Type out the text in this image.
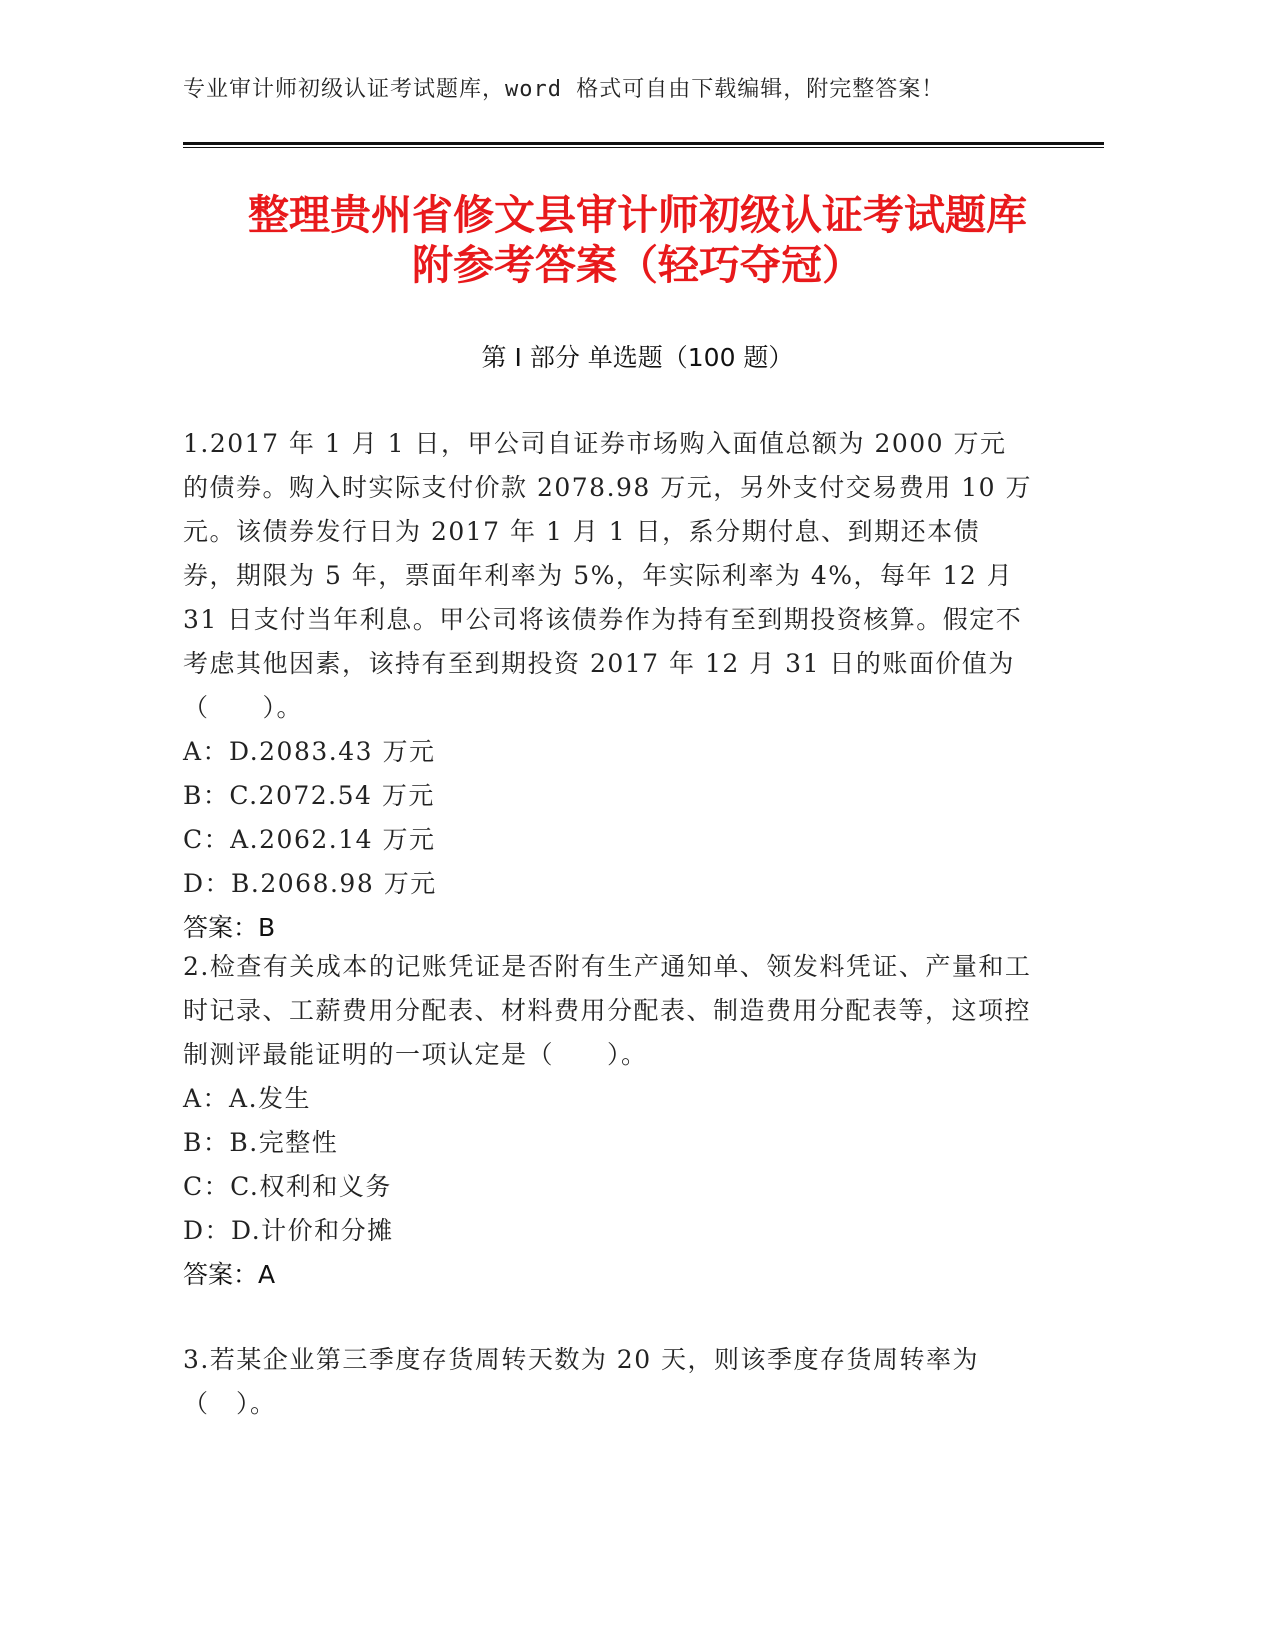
专业审计师初级认证考试题库，word 格式可自由下载编辑，附完整答案！
整理贵州省修文县审计师初级认证考试题库
附参考答案（轻巧夺冠）
第 I 部分 单选题（100 题）

1.2017 年 1 月 1 日，甲公司自证券市场购入面值总额为 2000 万元的债券。购入时实际支付价款 2078.98 万元，另外支付交易费用 10 万元。该债券发行日为 2017 年 1 月 1 日，系分期付息、到期还本债券，期限为 5 年，票面年利率为 5%，年实际利率为 4%，每年 12 月 31 日支付当年利息。甲公司将该债券作为持有至到期投资核算。假定不考虑其他因素，该持有至到期投资 2017 年 12 月 31 日的账面价值为（　　）。

A：D.2083.43 万元

B：C.2072.54 万元

C：A.2062.14 万元

D：B.2068.98 万元

答案：B

2.检查有关成本的记账凭证是否附有生产通知单、领发料凭证、产量和工时记录、工薪费用分配表、材料费用分配表、制造费用分配表等，这项控制测评最能证明的一项认定是（　　）。

A：A.发生

B：B.完整性

C：C.权利和义务

D：D.计价和分摊

答案：A

3.若某企业第三季度存货周转天数为 20 天，则该季度存货周转率为（　）。
